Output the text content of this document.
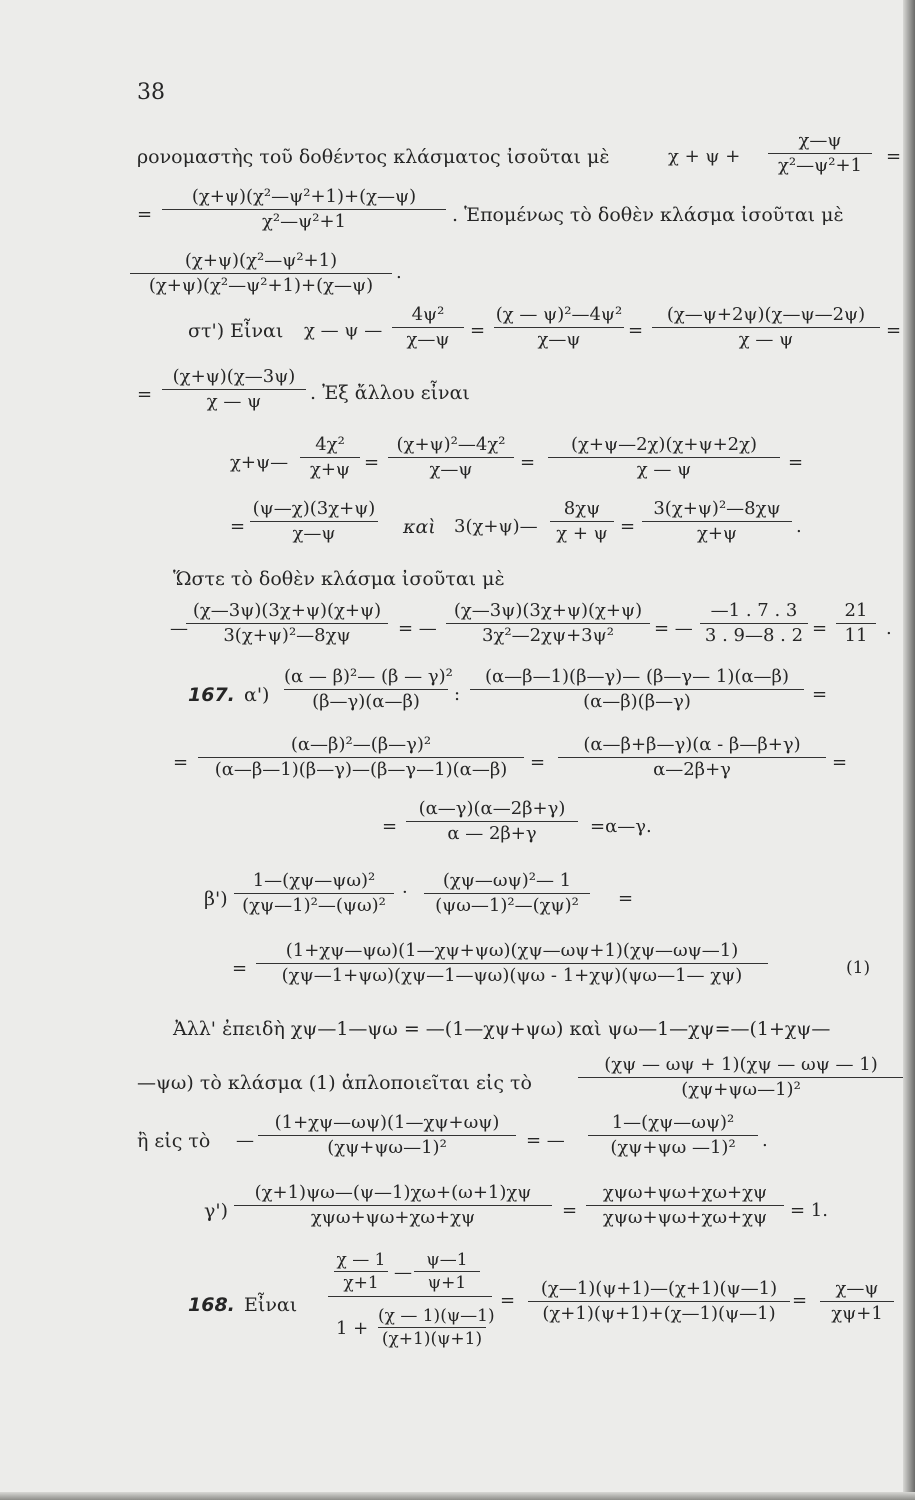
38
ρονομαστὴς τοῦ δοθέντος κλάσματος ἰσοῦται μὲ	$\chi + \psi + \frac{\chi—\psi}{\text{χ²—ψ²+1}}$ =
= $\frac{\text{(χ+ψ)(χ²—ψ²+1)+(χ—ψ)}}{\text{χ²—ψ²+1}}$ . Ἑπομένως τὸ δοθὲν κλάσμα ἰσοῦται μὲ
$\frac{\text{(χ+ψ)(χ²—ψ²+1)}}{\text{(χ+ψ)(χ²—ψ²+1)+(χ—ψ)}}$ .
στ') Εἶναι χ — ψ — $\frac{\text{4ψ²}}{\chi—\psi} = \frac{\text{(χ — ψ)²—4ψ²}}{\chi—\psi} = \frac{(\chi—\psi+2\psi)(\chi—\psi—2\psi)}{\chi — \psi}$ =
= $\frac{(\chi+\psi)(\chi—3\psi)}{\chi — \psi}$ . Ἐξ ἄλλου εἶναι
χ+ψ— $\frac{\text{4χ²}}{\chi+\psi} = \frac{\text{(χ+ψ)²—4χ²}}{\chi—\psi} = \frac{(\chi+\psi—2\chi)(\chi+\psi+2\chi)}{\chi — \psi}$ =
= $\frac{(\psi—\chi)(3\chi+\psi)}{\chi—\psi}$ καὶ 3(χ+ψ)— $\frac{8\chi\psi}{\chi + \psi} = \frac{\text{3(χ+ψ)²—8χψ}}{\chi+\psi}$ .
Ὥστε τὸ δοθὲν κλάσμα ἰσοῦται μὲ
—
$\frac{(\chi—3\psi)(3\chi+\psi)(\chi+\psi)}{\text{3(χ+ψ)²—8χψ}}$ = — $\frac{(\chi—3\psi)(3\chi+\psi)(\chi+\psi)}{\text{3χ²—2χψ+3ψ²}}$ = — $\frac{—1 . 7 . 3}{3 . 9—8 . 2} = \frac{21}{11}$ .
167. $\alpha') \frac{\text{(α — β)²— (β — γ)²}}{(\beta—\gamma)(\alpha—\beta)}$ : $\frac{(\alpha—\beta—1)(\beta—\gamma)— (\beta—\gamma— 1)(\alpha—\beta)}{(\alpha—\beta)(\beta—\gamma)}$ =
= $\frac{\text{(α—β)²—(β—γ)²}}{(\alpha—\beta—1)(\beta—\gamma)—(\beta—\gamma—1)(\alpha—\beta)} = \frac{(\alpha—\beta+\beta—\gamma)(\alpha - \beta—\beta+\gamma)}{\alpha—2\beta+\gamma}$ =
= $\frac{(\alpha—\gamma)(\alpha—2\beta+\gamma)}{\alpha — 2\beta+\gamma}$ =α—γ.
$\beta') \frac{\text{1—(χψ—ψω)²}}{\text{(χψ—1)²—(ψω)²}} \cdot \frac{\text{(χψ—ωψ)²— 1}}{\text{(ψω—1)²—(χψ)²}}$ =
= $\frac{(1+\chi\psi—\psi\omega)(1—\chi\psi+\psi\omega)(\chi\psi—\omega\psi+1)(\chi\psi—\omega\psi—1)}{(\chi\psi—1+\psi\omega)(\chi\psi—1—\psi\omega)(\psi\omega - 1+\chi\psi)(\psi\omega—1— \chi\psi)}$	(1)
Ἀλλ' ἐπειδὴ χψ—1—ψω = —(1—χψ+ψω) καὶ ψω—1—χψ=—(1+χψ—
—ψω) τὸ κλάσμα (1) ἁπλοποιεῖται εἰς τὸ	$\frac{(\chi\psi — \omega\psi + 1)(\chi\psi — \omega\psi — 1)}{\text{(χψ+ψω—1)²}}$
ἢ εἰς τὸ — $\frac{(1+\chi\psi—\omega\psi)(1—\chi\psi+\omega\psi)}{\text{(χψ+ψω—1)²}}$ = — $\frac{\text{1—(χψ—ωψ)²}}{\text{(χψ+ψω —1)²}}$ .
γ')
(χ+1)ψω—(ψ—1)χω+(ω+1)χψ
χψω+ψω+χω+χψ	=
χψω+ψω+χω+χψ
χψω+ψω+χω+χψ	= 1.
168. Εἶναι
$\frac{\chi — 1}{\chi+1}$ — $\frac{\psi—1}{\psi+1}$
$1 + \frac{(\chi — 1)(\psi—1)}{(\chi+1)(\psi+1)}$
= $\frac{(\chi—1)(\psi+1)—(\chi+1)(\psi—1)}{(\chi+1)(\psi+1)+(\chi—1)(\psi—1)} = \frac{\chi—\psi}{\chi\psi+1}$
